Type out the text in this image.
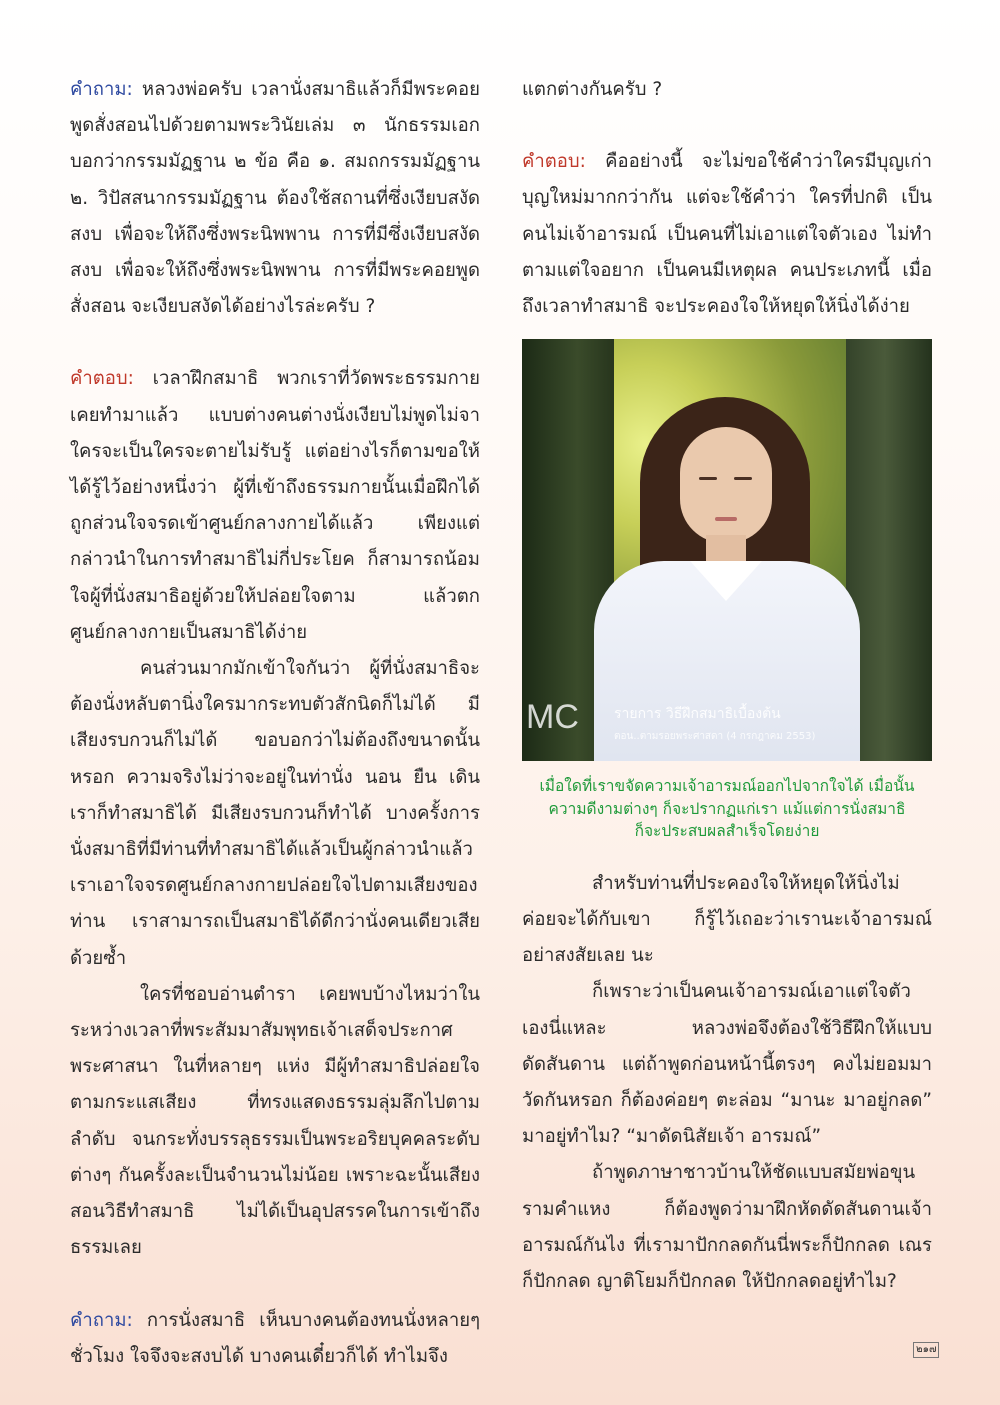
คำถาม: หลวงพ่อครับ เวลานั่งสมาธิแล้วก็มีพระคอยพูดสั่งสอนไปด้วยตามพระวินัยเล่ม ๓ นักธรรมเอก บอกว่ากรรมมัฏฐาน ๒ ข้อ คือ ๑. สมถกรรมมัฏฐาน ๒. วิปัสสนากรรมมัฏฐาน ต้องใช้สถานที่ซึ่งเงียบสงัด สงบ เพื่อจะให้ถึงซึ่งพระนิพพาน การที่มีซึ่งเงียบสงัด สงบ เพื่อจะให้ถึงซึ่งพระนิพพาน การที่มีพระคอยพูดสั่งสอน จะเงียบสงัดได้อย่างไรล่ะครับ ?

คำตอบ: เวลาฝึกสมาธิ พวกเราที่วัดพระธรรมกายเคยทำมาแล้ว แบบต่างคนต่างนั่งเงียบไม่พูดไม่จา ใครจะเป็นใครจะตายไม่รับรู้ แต่อย่างไรก็ตามขอให้ได้รู้ไว้อย่างหนึ่งว่า ผู้ที่เข้าถึงธรรมกายนั้นเมื่อฝึกได้ถูกส่วนใจจรดเข้าศูนย์กลางกายได้แล้ว เพียงแต่กล่าวนำในการทำสมาธิไม่กี่ประโยค ก็สามารถน้อมใจผู้ที่นั่งสมาธิอยู่ด้วยให้ปล่อยใจตาม แล้วตกศูนย์กลางกายเป็นสมาธิได้ง่าย

คนส่วนมากมักเข้าใจกันว่า ผู้ที่นั่งสมาธิจะต้องนั่งหลับตานิ่งใครมากระทบตัวสักนิดก็ไม่ได้ มีเสียงรบกวนก็ไม่ได้ ขอบอกว่าไม่ต้องถึงขนาดนั้นหรอก ความจริงไม่ว่าจะอยู่ในท่านั่ง นอน ยืน เดิน เราก็ทำสมาธิได้ มีเสียงรบกวนก็ทำได้ บางครั้งการนั่งสมาธิที่มีท่านที่ทำสมาธิได้แล้วเป็นผู้กล่าวนำแล้วเราเอาใจจรดศูนย์กลางกายปล่อยใจไปตามเสียงของท่าน เราสามารถเป็นสมาธิได้ดีกว่านั่งคนเดียวเสียด้วยซ้ำ

ใครที่ชอบอ่านตำรา เคยพบบ้างไหมว่าในระหว่างเวลาที่พระสัมมาสัมพุทธเจ้าเสด็จประกาศพระศาสนา ในที่หลายๆ แห่ง มีผู้ทำสมาธิปล่อยใจตามกระแสเสียง ที่ทรงแสดงธรรมลุ่มลึกไปตามลำดับ จนกระทั่งบรรลุธรรมเป็นพระอริยบุคคลระดับต่างๆ กันครั้งละเป็นจำนวนไม่น้อย เพราะฉะนั้นเสียงสอนวิธีทำสมาธิ ไม่ได้เป็นอุปสรรคในการเข้าถึงธรรมเลย

คำถาม: การนั่งสมาธิ เห็นบางคนต้องทนนั่งหลายๆ ชั่วโมง ใจจึงจะสงบได้ บางคนเดี๋ยวก็ได้ ทำไมจึง

แตกต่างกันครับ ?

คำตอบ: คืออย่างนี้ จะไม่ขอใช้คำว่าใครมีบุญเก่าบุญใหม่มากกว่ากัน แต่จะใช้คำว่า ใครที่ปกติ เป็นคนไม่เจ้าอารมณ์ เป็นคนที่ไม่เอาแต่ใจตัวเอง ไม่ทำตามแต่ใจอยาก เป็นคนมีเหตุผล คนประเภทนี้ เมื่อถึงเวลาทำสมาธิ จะประคองใจให้หยุดให้นิ่งได้ง่าย

MC	รายการ วิธีฝึกสมาธิเบื้องต้น
ตอน..ตามรอยพระศาสดา (4 กรกฎาคม 2553)
เมื่อใดที่เราขจัดความเจ้าอารมณ์ออกไปจากใจได้ เมื่อนั้น
ความดีงามต่างๆ ก็จะปรากฏแก่เรา แม้แต่การนั่งสมาธิ
ก็จะประสบผลสำเร็จโดยง่าย

สำหรับท่านที่ประคองใจให้หยุดให้นิ่งไม่ค่อยจะได้กับเขา ก็รู้ไว้เถอะว่าเรานะเจ้าอารมณ์ อย่าสงสัยเลย นะ

ก็เพราะว่าเป็นคนเจ้าอารมณ์เอาแต่ใจตัวเองนี่แหละ หลวงพ่อจึงต้องใช้วิธีฝึกให้แบบดัดสันดาน แต่ถ้าพูดก่อนหน้านี้ตรงๆ คงไม่ยอมมาวัดกันหรอก ก็ต้องค่อยๆ ตะล่อม “มานะ มาอยู่กลด” มาอยู่ทำไม? “มาดัดนิสัยเจ้า อารมณ์”

ถ้าพูดภาษาชาวบ้านให้ชัดแบบสมัยพ่อขุนรามคำแหง ก็ต้องพูดว่ามาฝึกหัดดัดสันดานเจ้าอารมณ์กันไง ที่เรามาปักกลดกันนี่พระก็ปักกลด เณรก็ปักกลด ญาติโยมก็ปักกลด ให้ปักกลดอยู่ทำไม?

๒๑๗
